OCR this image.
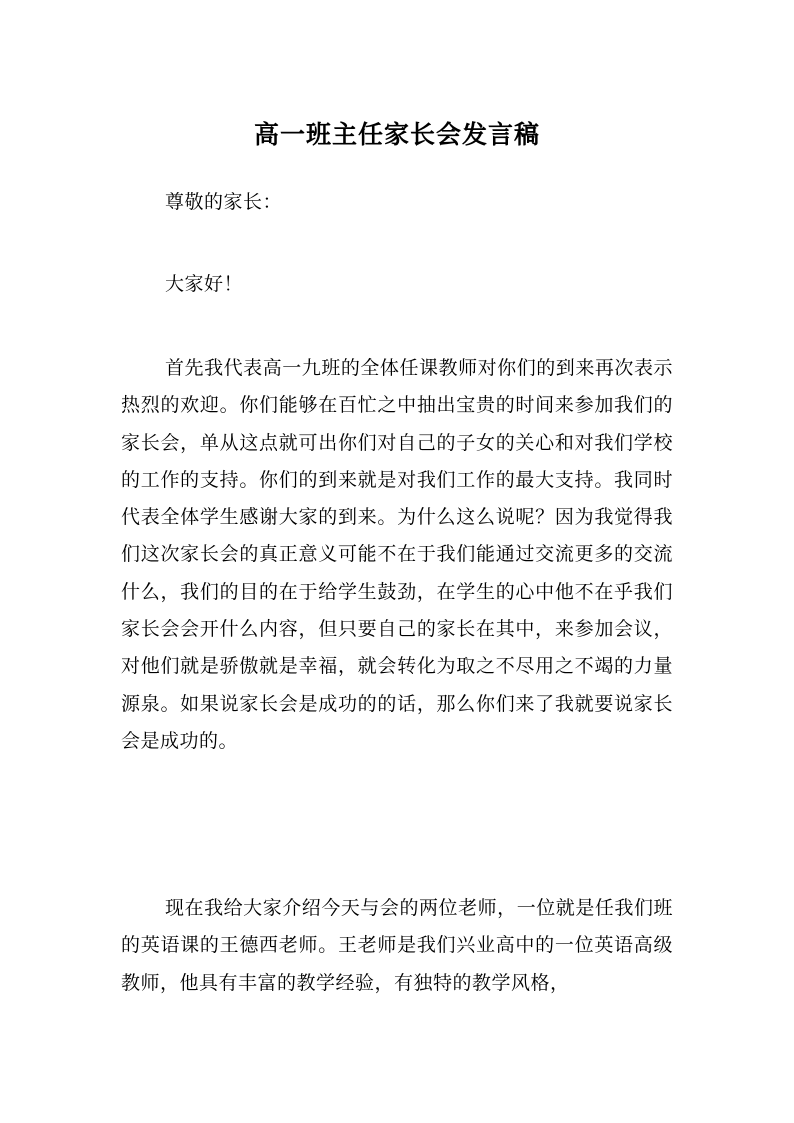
高一班主任家长会发言稿

尊敬的家长：

大家好！

首先我代表高一九班的全体任课教师对你们的到来再次表示热烈的欢迎。你们能够在百忙之中抽出宝贵的时间来参加我们的家长会，单从这点就可出你们对自己的子女的关心和对我们学校的工作的支持。你们的到来就是对我们工作的最大支持。我同时代表全体学生感谢大家的到来。为什么这么说呢？因为我觉得我们这次家长会的真正意义可能不在于我们能通过交流更多的交流什么，我们的目的在于给学生鼓劲，在学生的心中他不在乎我们家长会会开什么内容，但只要自己的家长在其中，来参加会议，对他们就是骄傲就是幸福，就会转化为取之不尽用之不竭的力量源泉。如果说家长会是成功的的话，那么你们来了我就要说家长会是成功的。

现在我给大家介绍今天与会的两位老师，一位就是任我们班的英语课的王德西老师。王老师是我们兴业高中的一位英语高级教师，他具有丰富的教学经验，有独特的教学风格，
